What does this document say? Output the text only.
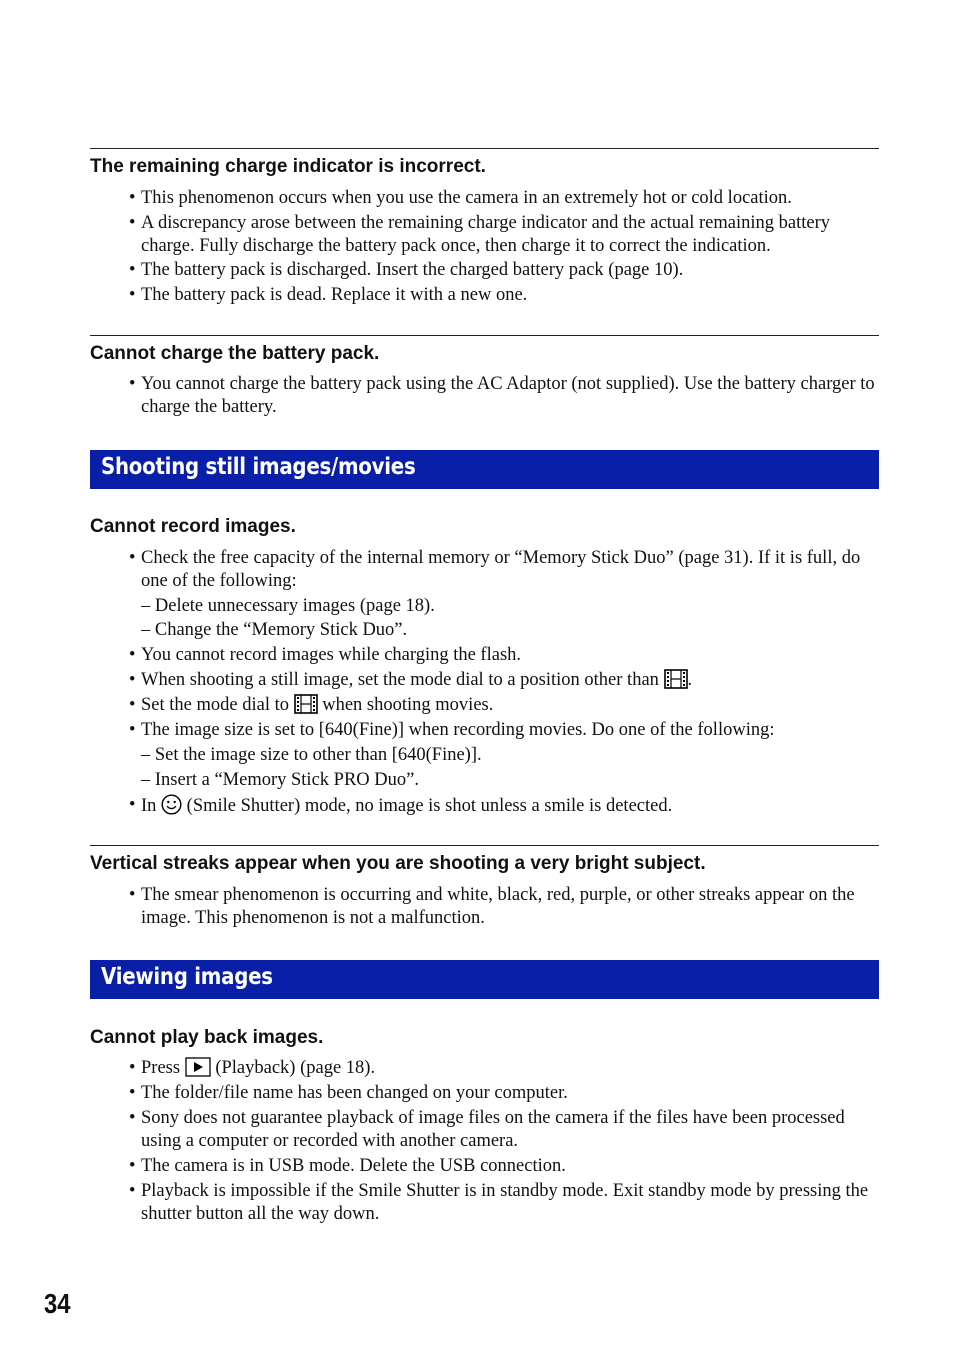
The remaining charge indicator is incorrect.
• This phenomenon occurs when you use the camera in an extremely hot or cold location.
• A discrepancy arose between the remaining charge indicator and the actual remaining battery charge. Fully discharge the battery pack once, then charge it to correct the indication.
• The battery pack is discharged. Insert the charged battery pack (page 10).
• The battery pack is dead. Replace it with a new one.
Cannot charge the battery pack.
• You cannot charge the battery pack using the AC Adaptor (not supplied). Use the battery charger to charge the battery.
Shooting still images/movies
Cannot record images.
• Check the free capacity of the internal memory or “Memory Stick Duo” (page 31). If it is full, do one of the following:
– Delete unnecessary images (page 18).
– Change the “Memory Stick Duo”.
• You cannot record images while charging the flash.
• When shooting a still image, set the mode dial to a position other than .
• Set the mode dial to  when shooting movies.
• The image size is set to [640(Fine)] when recording movies. Do one of the following:
– Set the image size to other than [640(Fine)].
– Insert a “Memory Stick PRO Duo”.
• In  (Smile Shutter) mode, no image is shot unless a smile is detected.
Vertical streaks appear when you are shooting a very bright subject.
• The smear phenomenon is occurring and white, black, red, purple, or other streaks appear on the image. This phenomenon is not a malfunction.
Viewing images
Cannot play back images.
• Press  (Playback) (page 18).
• The folder/file name has been changed on your computer.
• Sony does not guarantee playback of image files on the camera if the files have been processed using a computer or recorded with another camera.
• The camera is in USB mode. Delete the USB connection.
• Playback is impossible if the Smile Shutter is in standby mode. Exit standby mode by pressing the shutter button all the way down.
34
